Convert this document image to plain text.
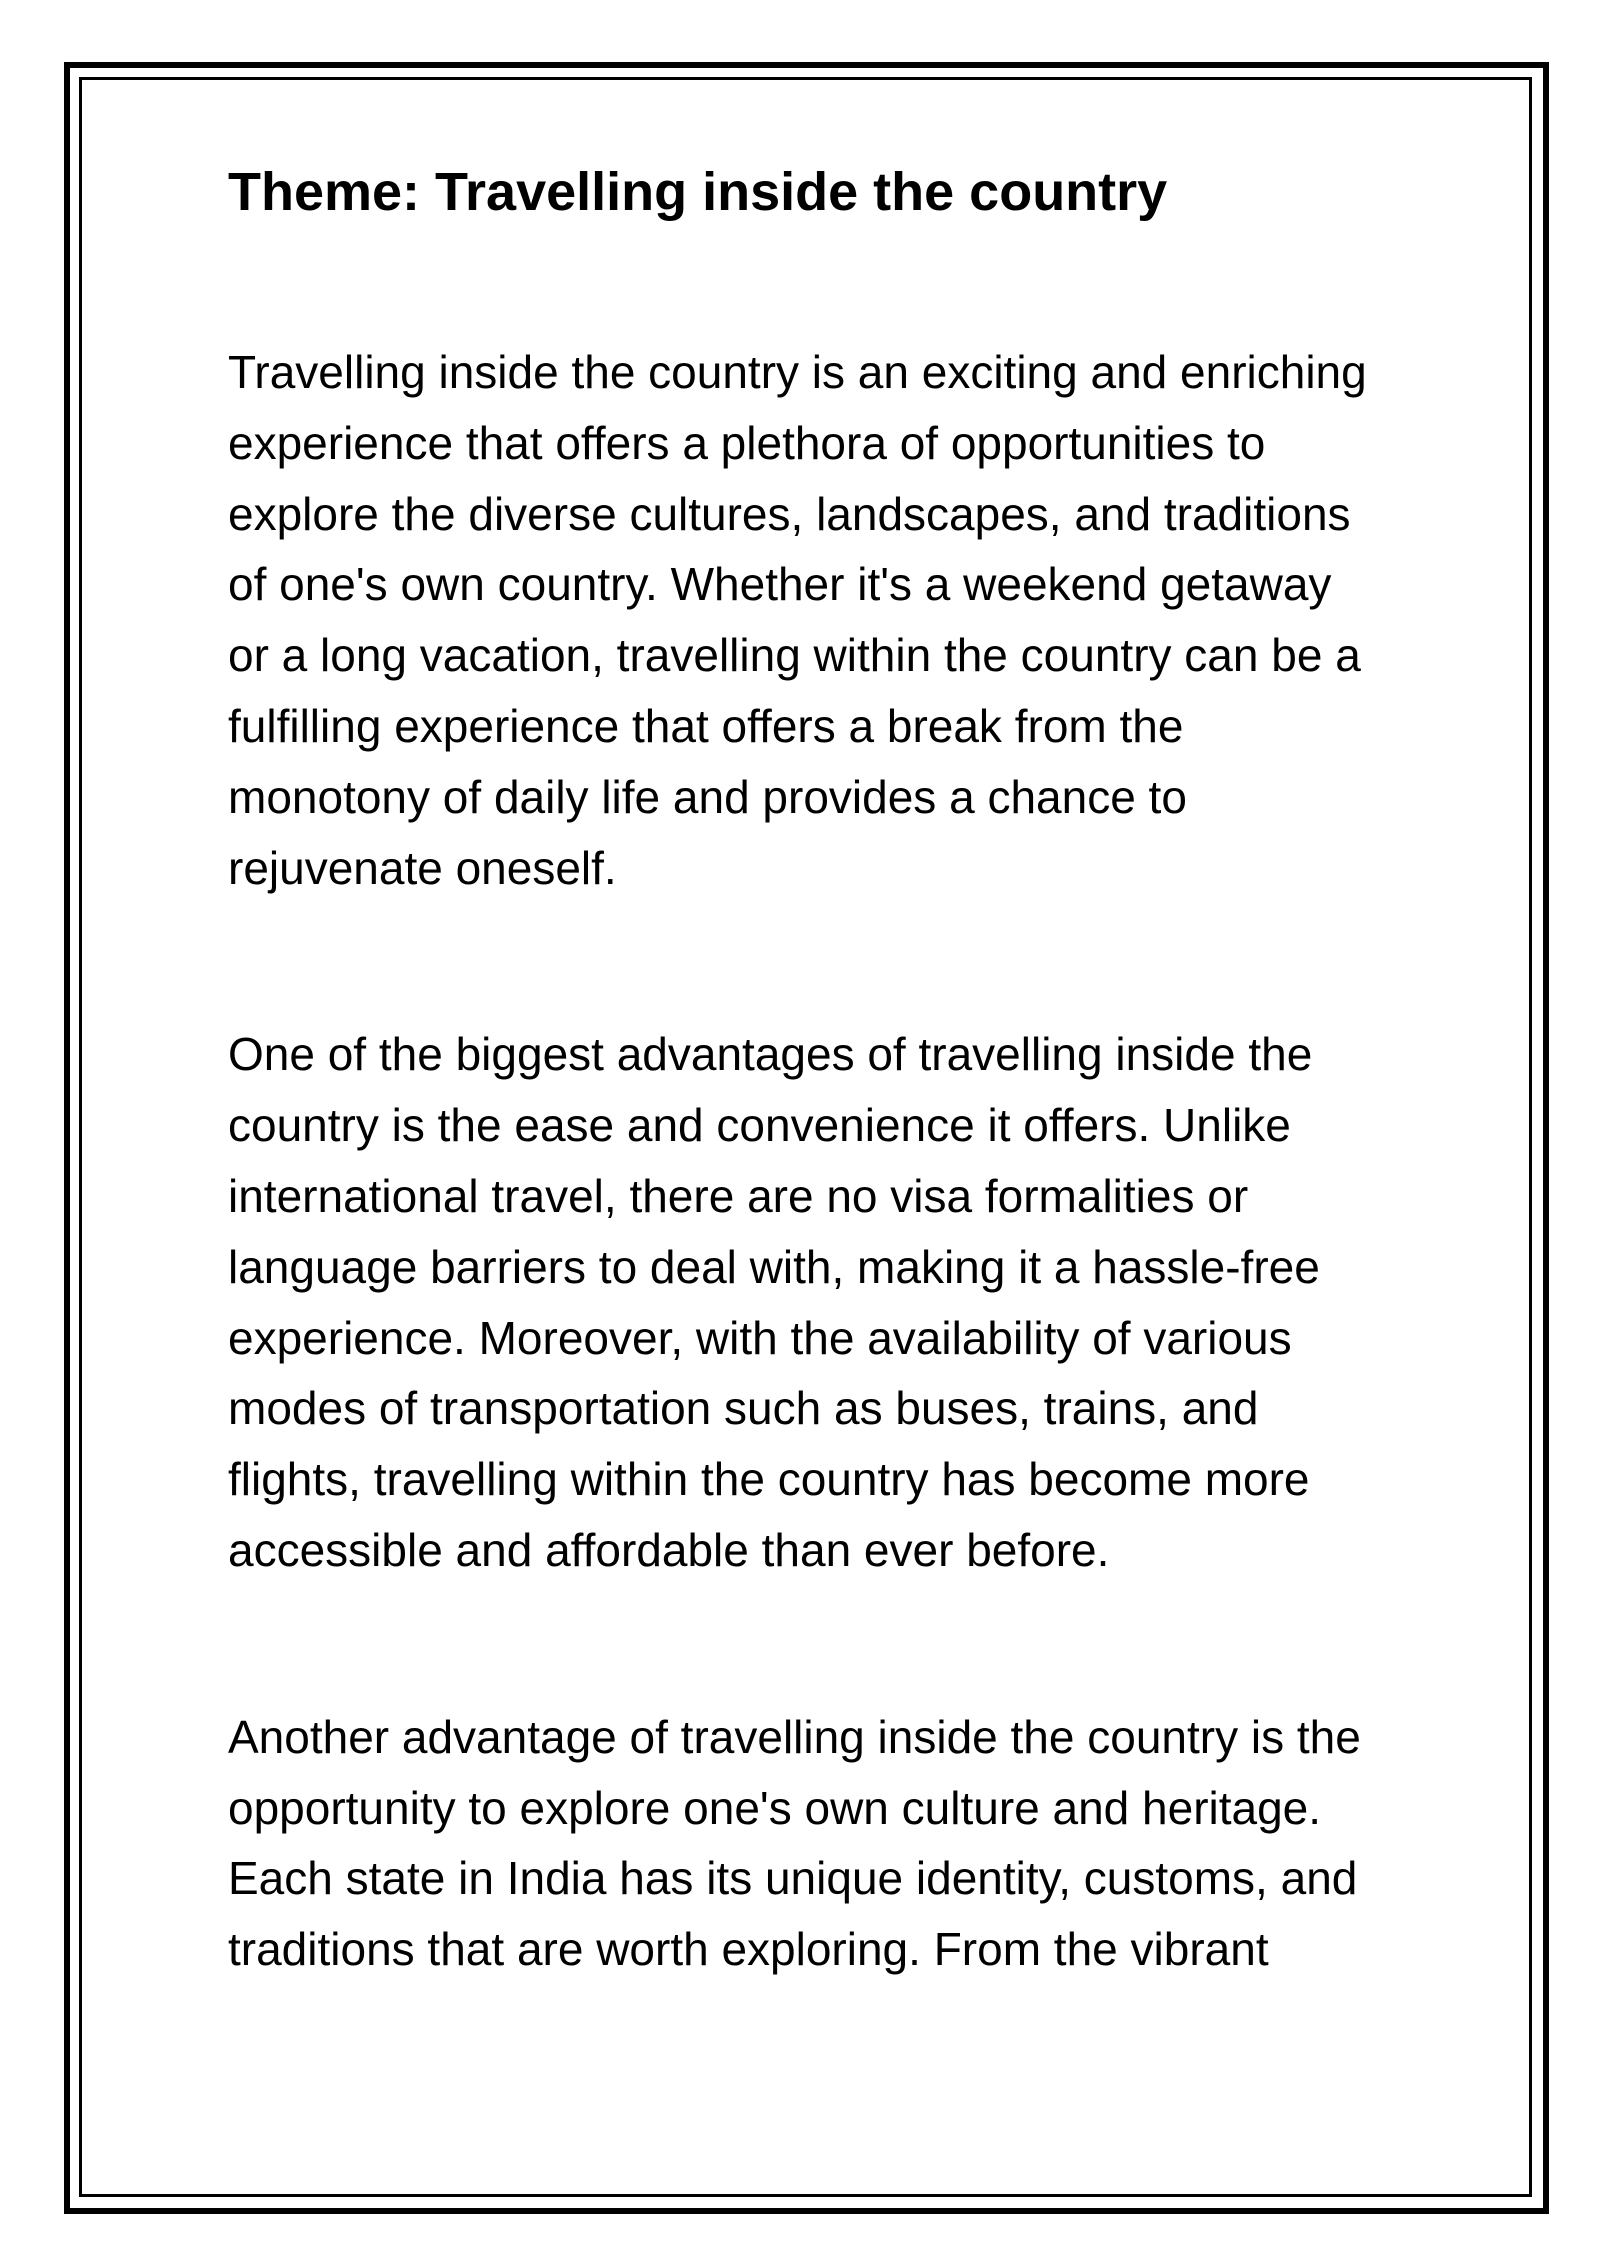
Theme: Travelling inside the country

Travelling inside the country is an exciting and enriching
experience that offers a plethora of opportunities to
explore the diverse cultures, landscapes, and traditions
of one's own country. Whether it's a weekend getaway
or a long vacation, travelling within the country can be a
fulfilling experience that offers a break from the
monotony of daily life and provides a chance to
rejuvenate oneself.

One of the biggest advantages of travelling inside the
country is the ease and convenience it offers. Unlike
international travel, there are no visa formalities or
language barriers to deal with, making it a hassle-free
experience. Moreover, with the availability of various
modes of transportation such as buses, trains, and
flights, travelling within the country has become more
accessible and affordable than ever before.

Another advantage of travelling inside the country is the
opportunity to explore one's own culture and heritage.
Each state in India has its unique identity, customs, and
traditions that are worth exploring. From the vibrant
